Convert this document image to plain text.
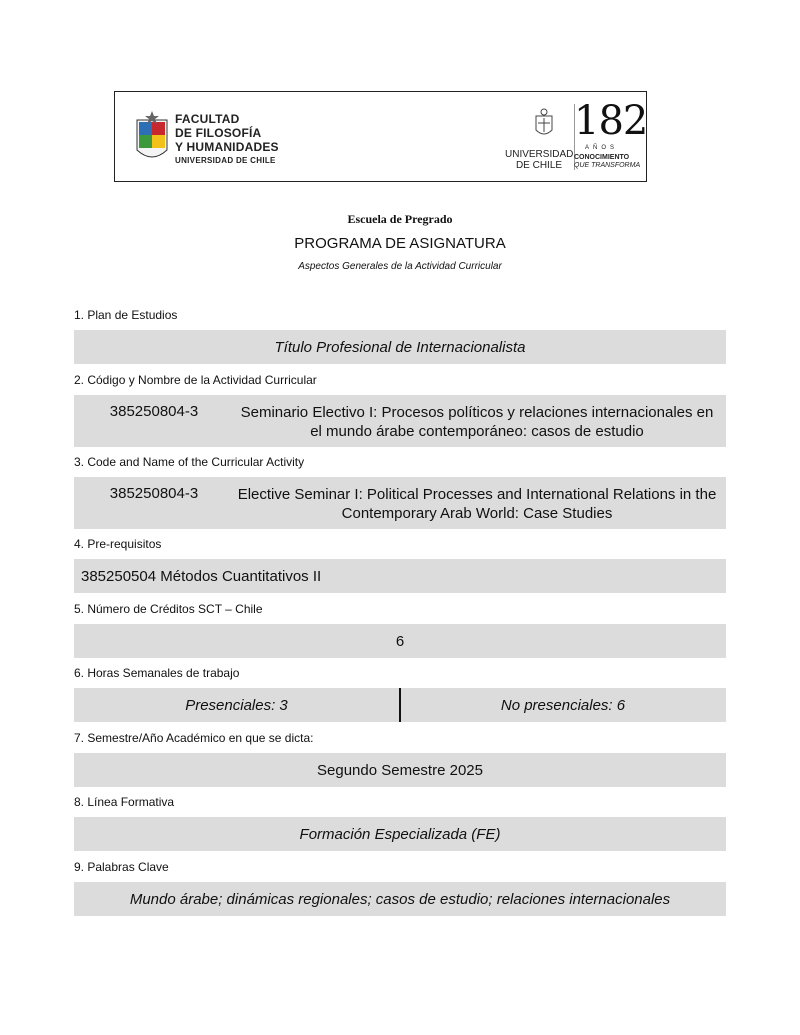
FACULTAD
DE FILOSOFÍA
Y HUMANIDADES
UNIVERSIDAD DE CHILE
UNIVERSIDAD
DE CHILE
182
AÑOS
CONOCIMIENTO
QUE TRANSFORMA
Escuela de Pregrado
PROGRAMA DE ASIGNATURA
Aspectos Generales de la Actividad Curricular
1. Plan de Estudios
Título Profesional de Internacionalista
2. Código y Nombre de la Actividad Curricular
385250804-3	Seminario Electivo I: Procesos políticos y relaciones internacionales en el mundo árabe contemporáneo: casos de estudio
3. Code and Name of the Curricular Activity
385250804-3	Elective Seminar I: Political Processes and International Relations in the Contemporary Arab World: Case Studies
4. Pre-requisitos
385250504 Métodos Cuantitativos II
5. Número de Créditos SCT – Chile
6
6. Horas Semanales de trabajo
Presenciales: 3	No presenciales: 6
7. Semestre/Año Académico en que se dicta:
Segundo Semestre 2025
8. Línea Formativa
Formación Especializada (FE)
9. Palabras Clave
Mundo árabe; dinámicas regionales; casos de estudio; relaciones internacionales
